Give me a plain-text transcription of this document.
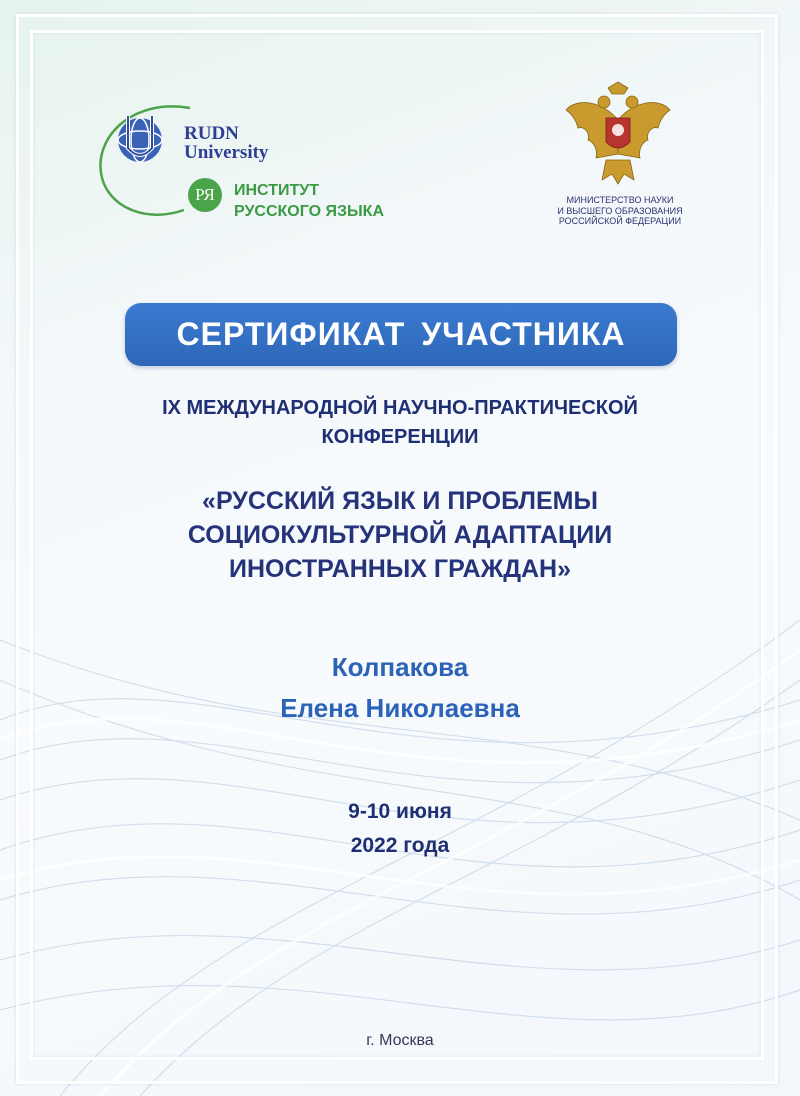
RUDN
University
РЯ	ИНСТИТУТ
РУССКОГО ЯЗЫКА
МИНИСТЕРСТВО НАУКИ
И ВЫСШЕГО ОБРАЗОВАНИЯ
РОССИЙСКОЙ ФЕДЕРАЦИИ
СЕРТИФИКАТ УЧАСТНИКА
IX МЕЖДУНАРОДНОЙ НАУЧНО-ПРАКТИЧЕСКОЙ
КОНФЕРЕНЦИИ
«РУССКИЙ ЯЗЫК И ПРОБЛЕМЫ
СОЦИОКУЛЬТУРНОЙ АДАПТАЦИИ
ИНОСТРАННЫХ ГРАЖДАН»
Колпакова
Елена Николаевна
9-10 июня
2022 года
г. Москва
